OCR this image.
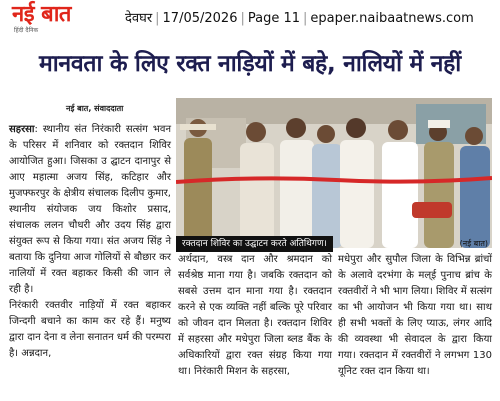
नई बात
हिंदी दैनिक
देवघर | 17/05/2026 | Page 11 | epaper.naibaatnews.com
मानवता के लिए रक्त नाड़ियों में बहे, नालियों में नहीं
नई बात, संवाददाता
रक्तदान शिविर का उद्घाटन करते अतिथिगण।	(नई बात)

सहरसा: स्थानीय संत निरंकारी सत्संग भवन के परिसर में शनिवार को रक्तदान शिविर आयोजित हुआ। जिसका उ द्घाटन दानापुर से आए महात्मा अजय सिंह, कटिहार और मुजफ्फरपुर के क्षेत्रीय संचालक दिलीप कुमार, स्थानीय संयोजक जय किशोर प्रसाद, संचालक ललन चौधरी और उदय सिंह द्वारा संयुक्त रूप से किया गया। संत अजय सिंह ने बताया कि दुनिया आज गोलियों से बौछार कर नालियों में रक्त बहाकर किसी की जान ले रही है।

निरंकारी रक्तवीर नाड़ियों में रक्त बहाकर जिन्दगी बचाने का काम कर रहे हैं। मनुष्य द्वारा दान देना व लेना सनातन धर्म की परम्परा है। अन्नदान,

अर्थदान, वस्त्र दान और श्रमदान को सर्वश्रेष्ठ माना गया है। जबकि रक्तदान को सबसे उत्तम दान माना गया है। रक्तदान करने से एक व्यक्ति नहीं बल्कि पूरे परिवार को जीवन दान मिलता है। रक्तदान शिविर में सहरसा और मधेपुरा जिला ब्लड बैंक के अधिकारियों द्वारा रक्त संग्रह किया गया था। निरंकारी मिशन के सहरसा,
मधेपुरा और सुपौल जिला के विभिन्न ब्रांचों के अलावे दरभंगा के मल्ई पुनाच ब्रांच के रक्तवीरों ने भी भाग लिया। शिविर में सत्संग का भी आयोजन भी किया गया था। साथ ही सभी भक्तों के लिए प्याऊ, लंगर आदि की व्यवस्था भी सेवादल के द्वारा किया गया। रक्तदान में रक्तवीरों ने लगभग 130 यूनिट रक्त दान किया था।
